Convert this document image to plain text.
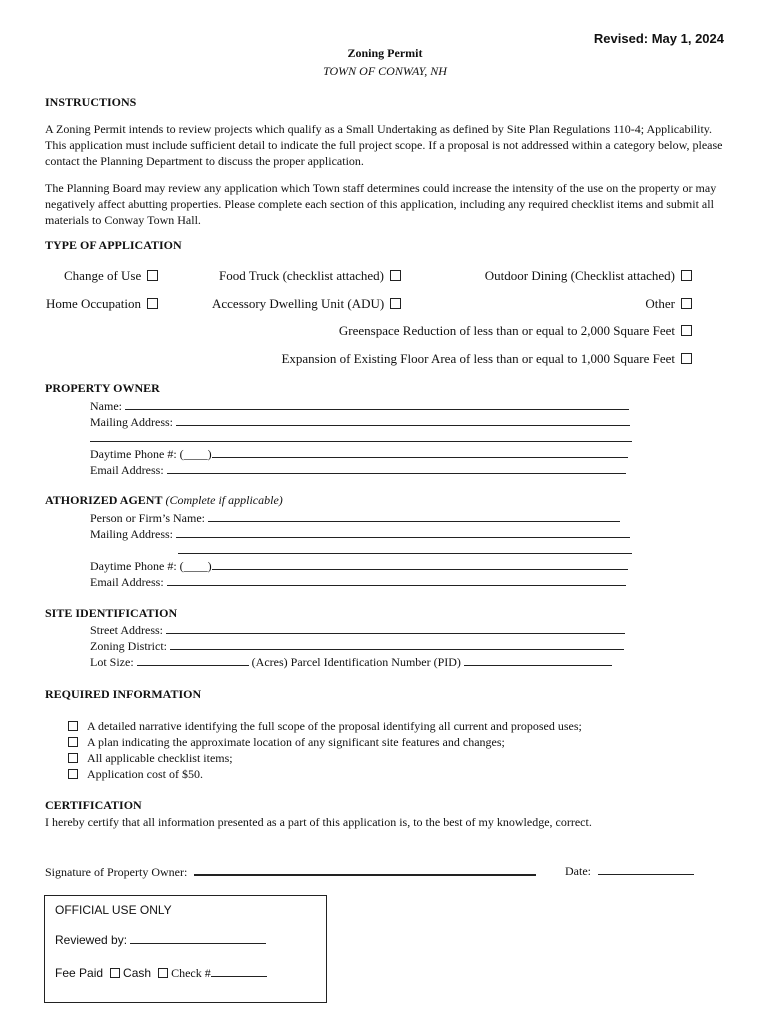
Revised: May 1, 2024
Zoning Permit
TOWN OF CONWAY, NH
INSTRUCTIONS
A Zoning Permit intends to review projects which qualify as a Small Undertaking as defined by Site Plan Regulations 110-4; Applicability. This application must include sufficient detail to indicate the full project scope. If a proposal is not addressed within a category below, please contact the Planning Department to discuss the proper application.
The Planning Board may review any application which Town staff determines could increase the intensity of the use on the property or may negatively affect abutting properties. Please complete each section of this application, including any required checklist items and submit all materials to Conway Town Hall.
TYPE OF APPLICATION
Change of Use	Food Truck (checklist attached)	Outdoor Dining (Checklist attached)
Home Occupation	Accessory Dwelling Unit (ADU)	Other
Greenspace Reduction of less than or equal to 2,000 Square Feet
Expansion of Existing Floor Area of less than or equal to 1,000 Square Feet
PROPERTY OWNER
Name:
Mailing Address:
Daytime Phone #: (____)
Email Address:
ATHORIZED AGENT (Complete if applicable)
Person or Firm’s Name:
Mailing Address:
Daytime Phone #: (____)
Email Address:
SITE IDENTIFICATION
Street Address:
Zoning District:
Lot Size:	(Acres) Parcel Identification Number (PID)
REQUIRED INFORMATION
A detailed narrative identifying the full scope of the proposal identifying all current and proposed uses;
A plan indicating the approximate location of any significant site features and changes;
All applicable checklist items;
Application cost of $50.
CERTIFICATION
I hereby certify that all information presented as a part of this application is, to the best of my knowledge, correct.
Signature of Property Owner:	Date:
OFFICIAL USE ONLY
Reviewed by:
Fee Paid Cash Check #
